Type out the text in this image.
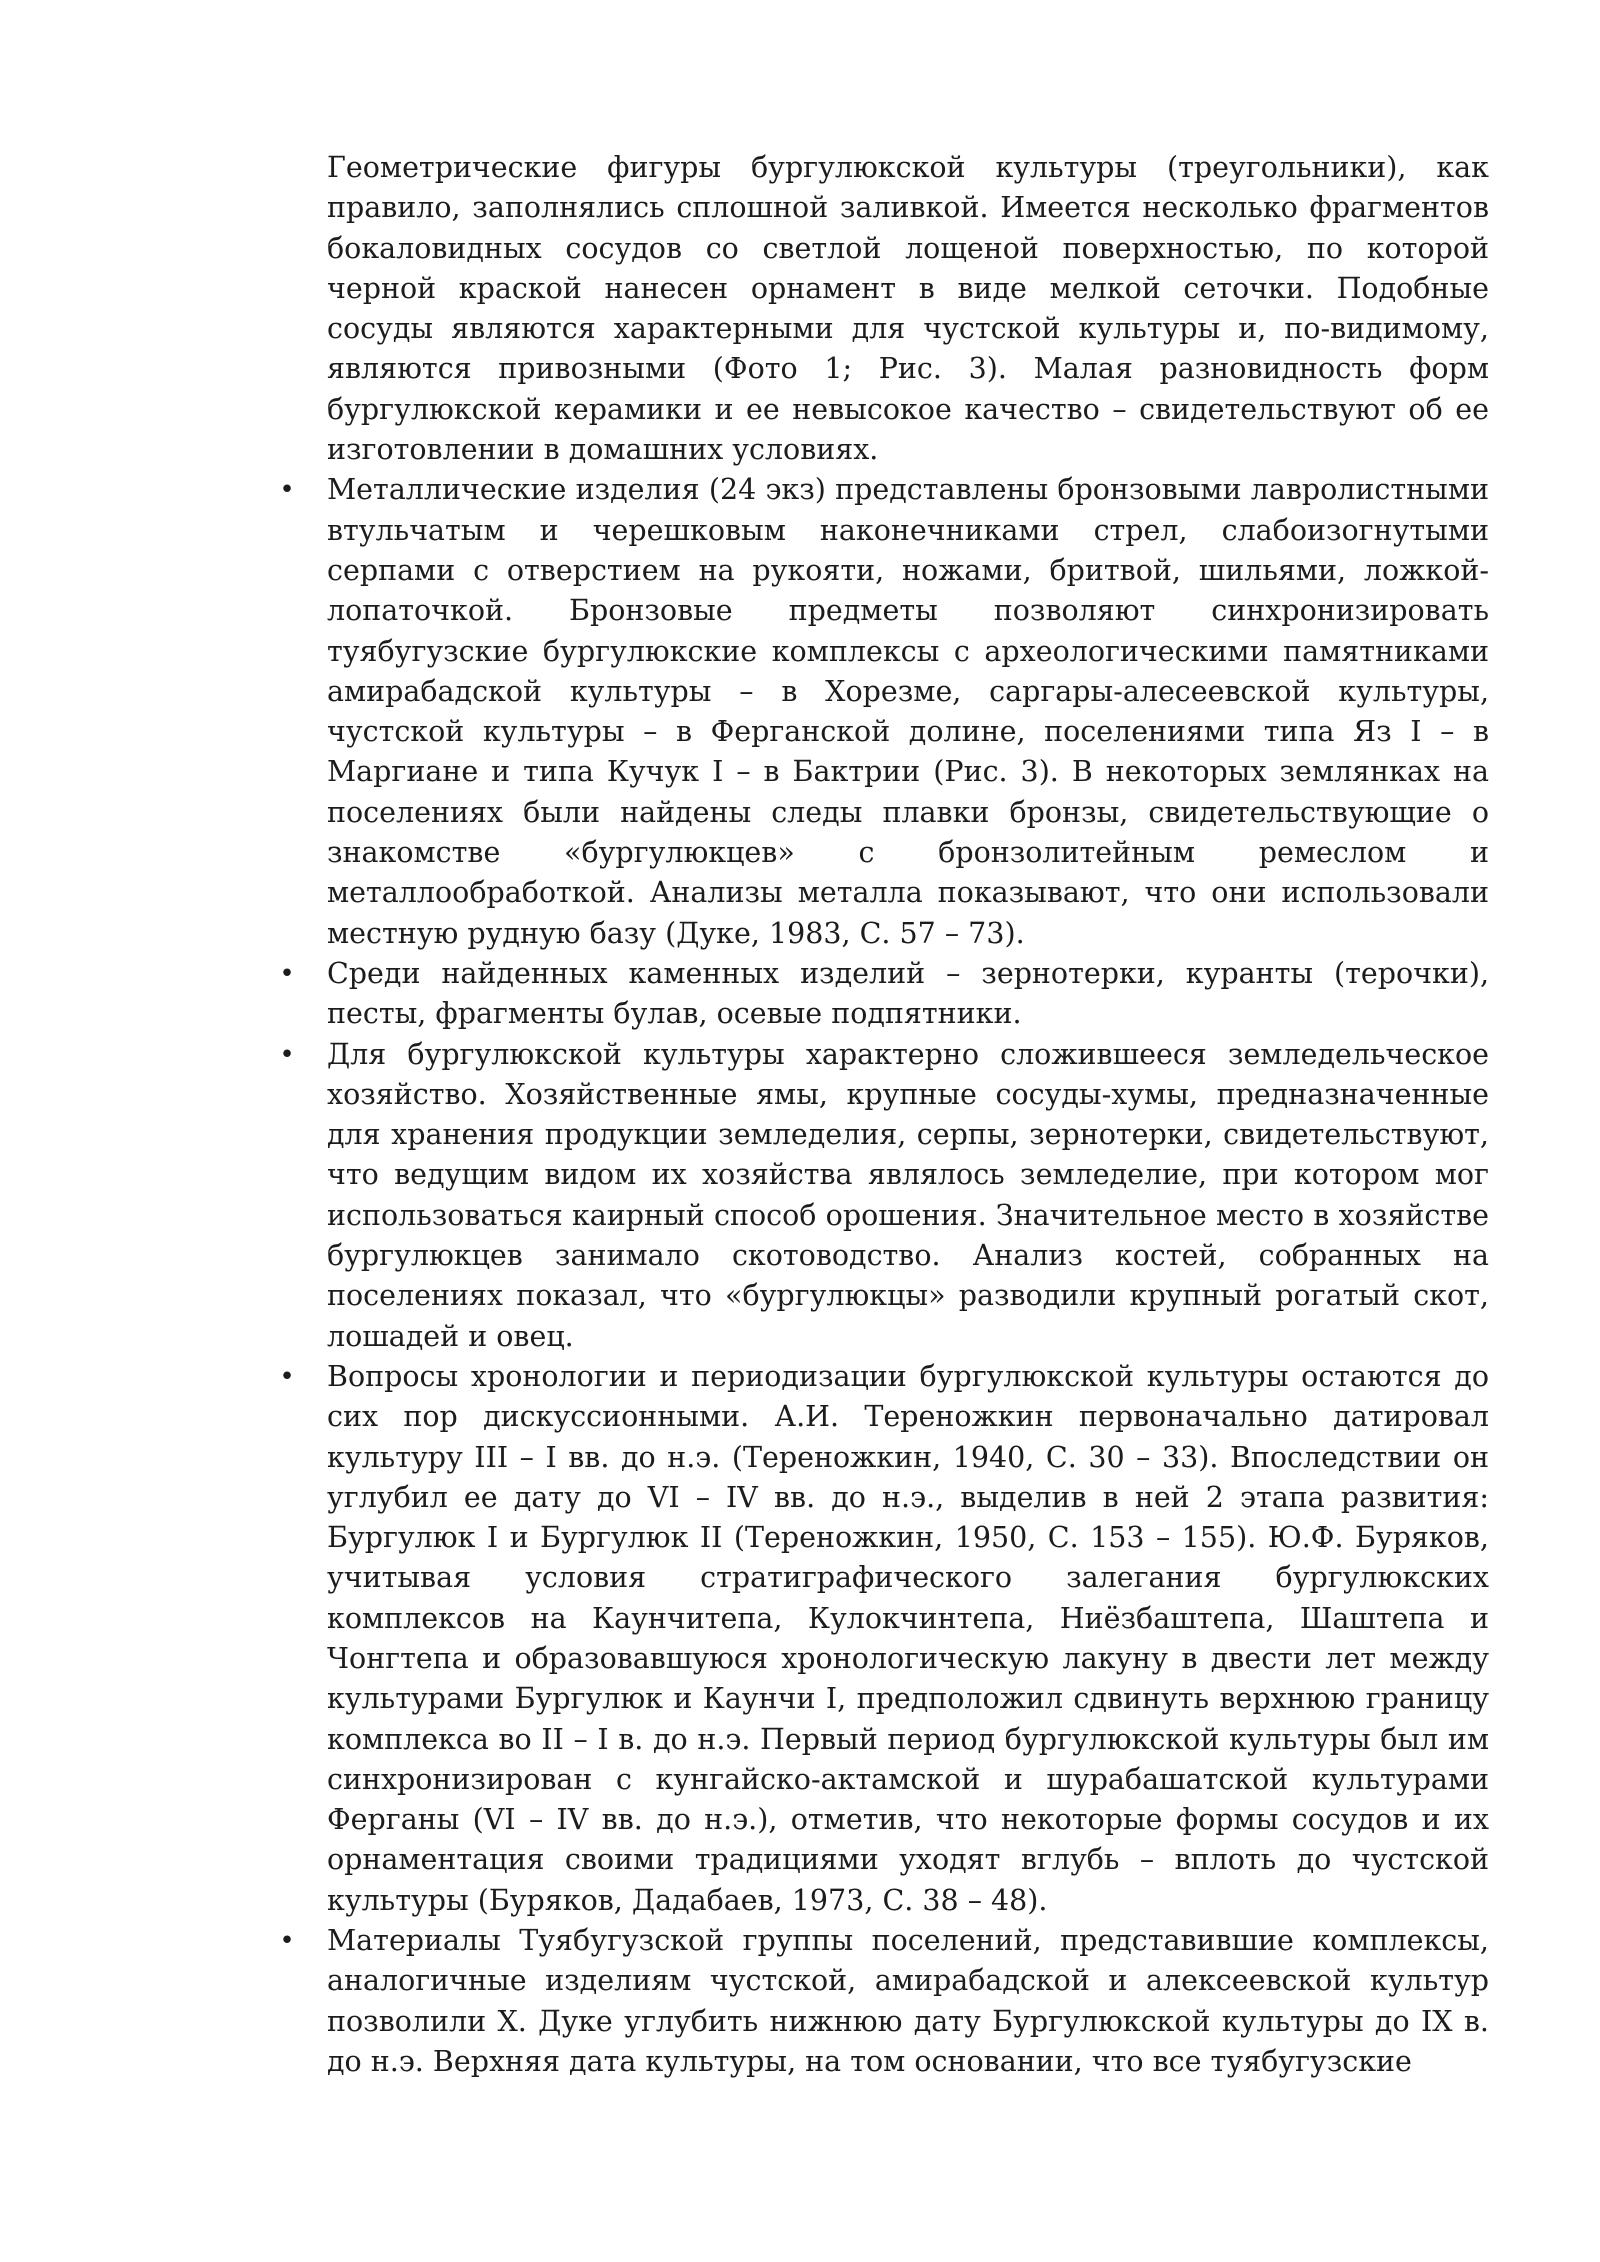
Геометрические фигуры бургулюкской культуры (треугольники), как правило, заполнялись сплошной заливкой. Имеется несколько фрагментов бокаловидных сосудов со светлой лощеной поверхностью, по которой черной краской нанесен орнамент в виде мелкой сеточки. Подобные сосуды являются характерными для чустской культуры и, по-видимому, являются привозными (Фото 1; Рис. 3). Малая разновидность форм бургулюкской керамики и ее невысокое качество – свидетельствуют об ее изготовлении в домашних условиях.

• Металлические изделия (24 экз) представлены бронзовыми лавролистными втульчатым и черешковым наконечниками стрел, слабоизогнутыми серпами с отверстием на рукояти, ножами, бритвой, шильями, ложкой-лопаточкой. Бронзовые предметы позволяют синхронизировать туябугузские бургулюкские комплексы с археологическими памятниками амирабадской культуры – в Хорезме, саргары-алесеевской культуры, чустской культуры – в Ферганской долине, поселениями типа Яз I – в Маргиане и типа Кучук I – в Бактрии (Рис. 3). В некоторых землянках на поселениях были найдены следы плавки бронзы, свидетельствующие о знакомстве «бургулюкцев» с бронзолитейным ремеслом и металлообработкой. Анализы металла показывают, что они использовали местную рудную базу (Дуке, 1983, С. 57 – 73).
• Среди найденных каменных изделий – зернотерки, куранты (терочки), песты, фрагменты булав, осевые подпятники.
• Для бургулюкской культуры характерно сложившееся земледельческое хозяйство. Хозяйственные ямы, крупные сосуды-хумы, предназначенные для хранения продукции земледелия, серпы, зернотерки, свидетельствуют, что ведущим видом их хозяйства являлось земледелие, при котором мог использоваться каирный способ орошения. Значительное место в хозяйстве бургулюкцев занимало скотоводство. Анализ костей, собранных на поселениях показал, что «бургулюкцы» разводили крупный рогатый скот, лошадей и овец.
• Вопросы хронологии и периодизации бургулюкской культуры остаются до сих пор дискуссионными. А.И. Тереножкин первоначально датировал культуру III – I вв. до н.э. (Тереножкин, 1940, С. 30 – 33). Впоследствии он углубил ее дату до VI – IV вв. до н.э., выделив в ней 2 этапа развития: Бургулюк I и Бургулюк II (Тереножкин, 1950, С. 153 – 155). Ю.Ф. Буряков, учитывая условия стратиграфического залегания бургулюкских комплексов на Каунчитепа, Кулокчинтепа, Ниёзбаштепа, Шаштепа и Чонгтепа и образовавшуюся хронологическую лакуну в двести лет между культурами Бургулюк и Каунчи I, предположил сдвинуть верхнюю границу комплекса во II – I в. до н.э. Первый период бургулюкской культуры был им синхронизирован с кунгайско-актамской и шурабашатской культурами Ферганы (VI – IV вв. до н.э.), отметив, что некоторые формы сосудов и их орнаментация своими традициями уходят вглубь – вплоть до чустской культуры (Буряков, Дадабаев, 1973, С. 38 – 48).
• Материалы Туябугузской группы поселений, представившие комплексы, аналогичные изделиям чустской, амирабадской и алексеевской культур позволили Х. Дуке углубить нижнюю дату Бургулюкской культуры до IX в. до н.э. Верхняя дата культуры, на том основании, что все туябугузские
